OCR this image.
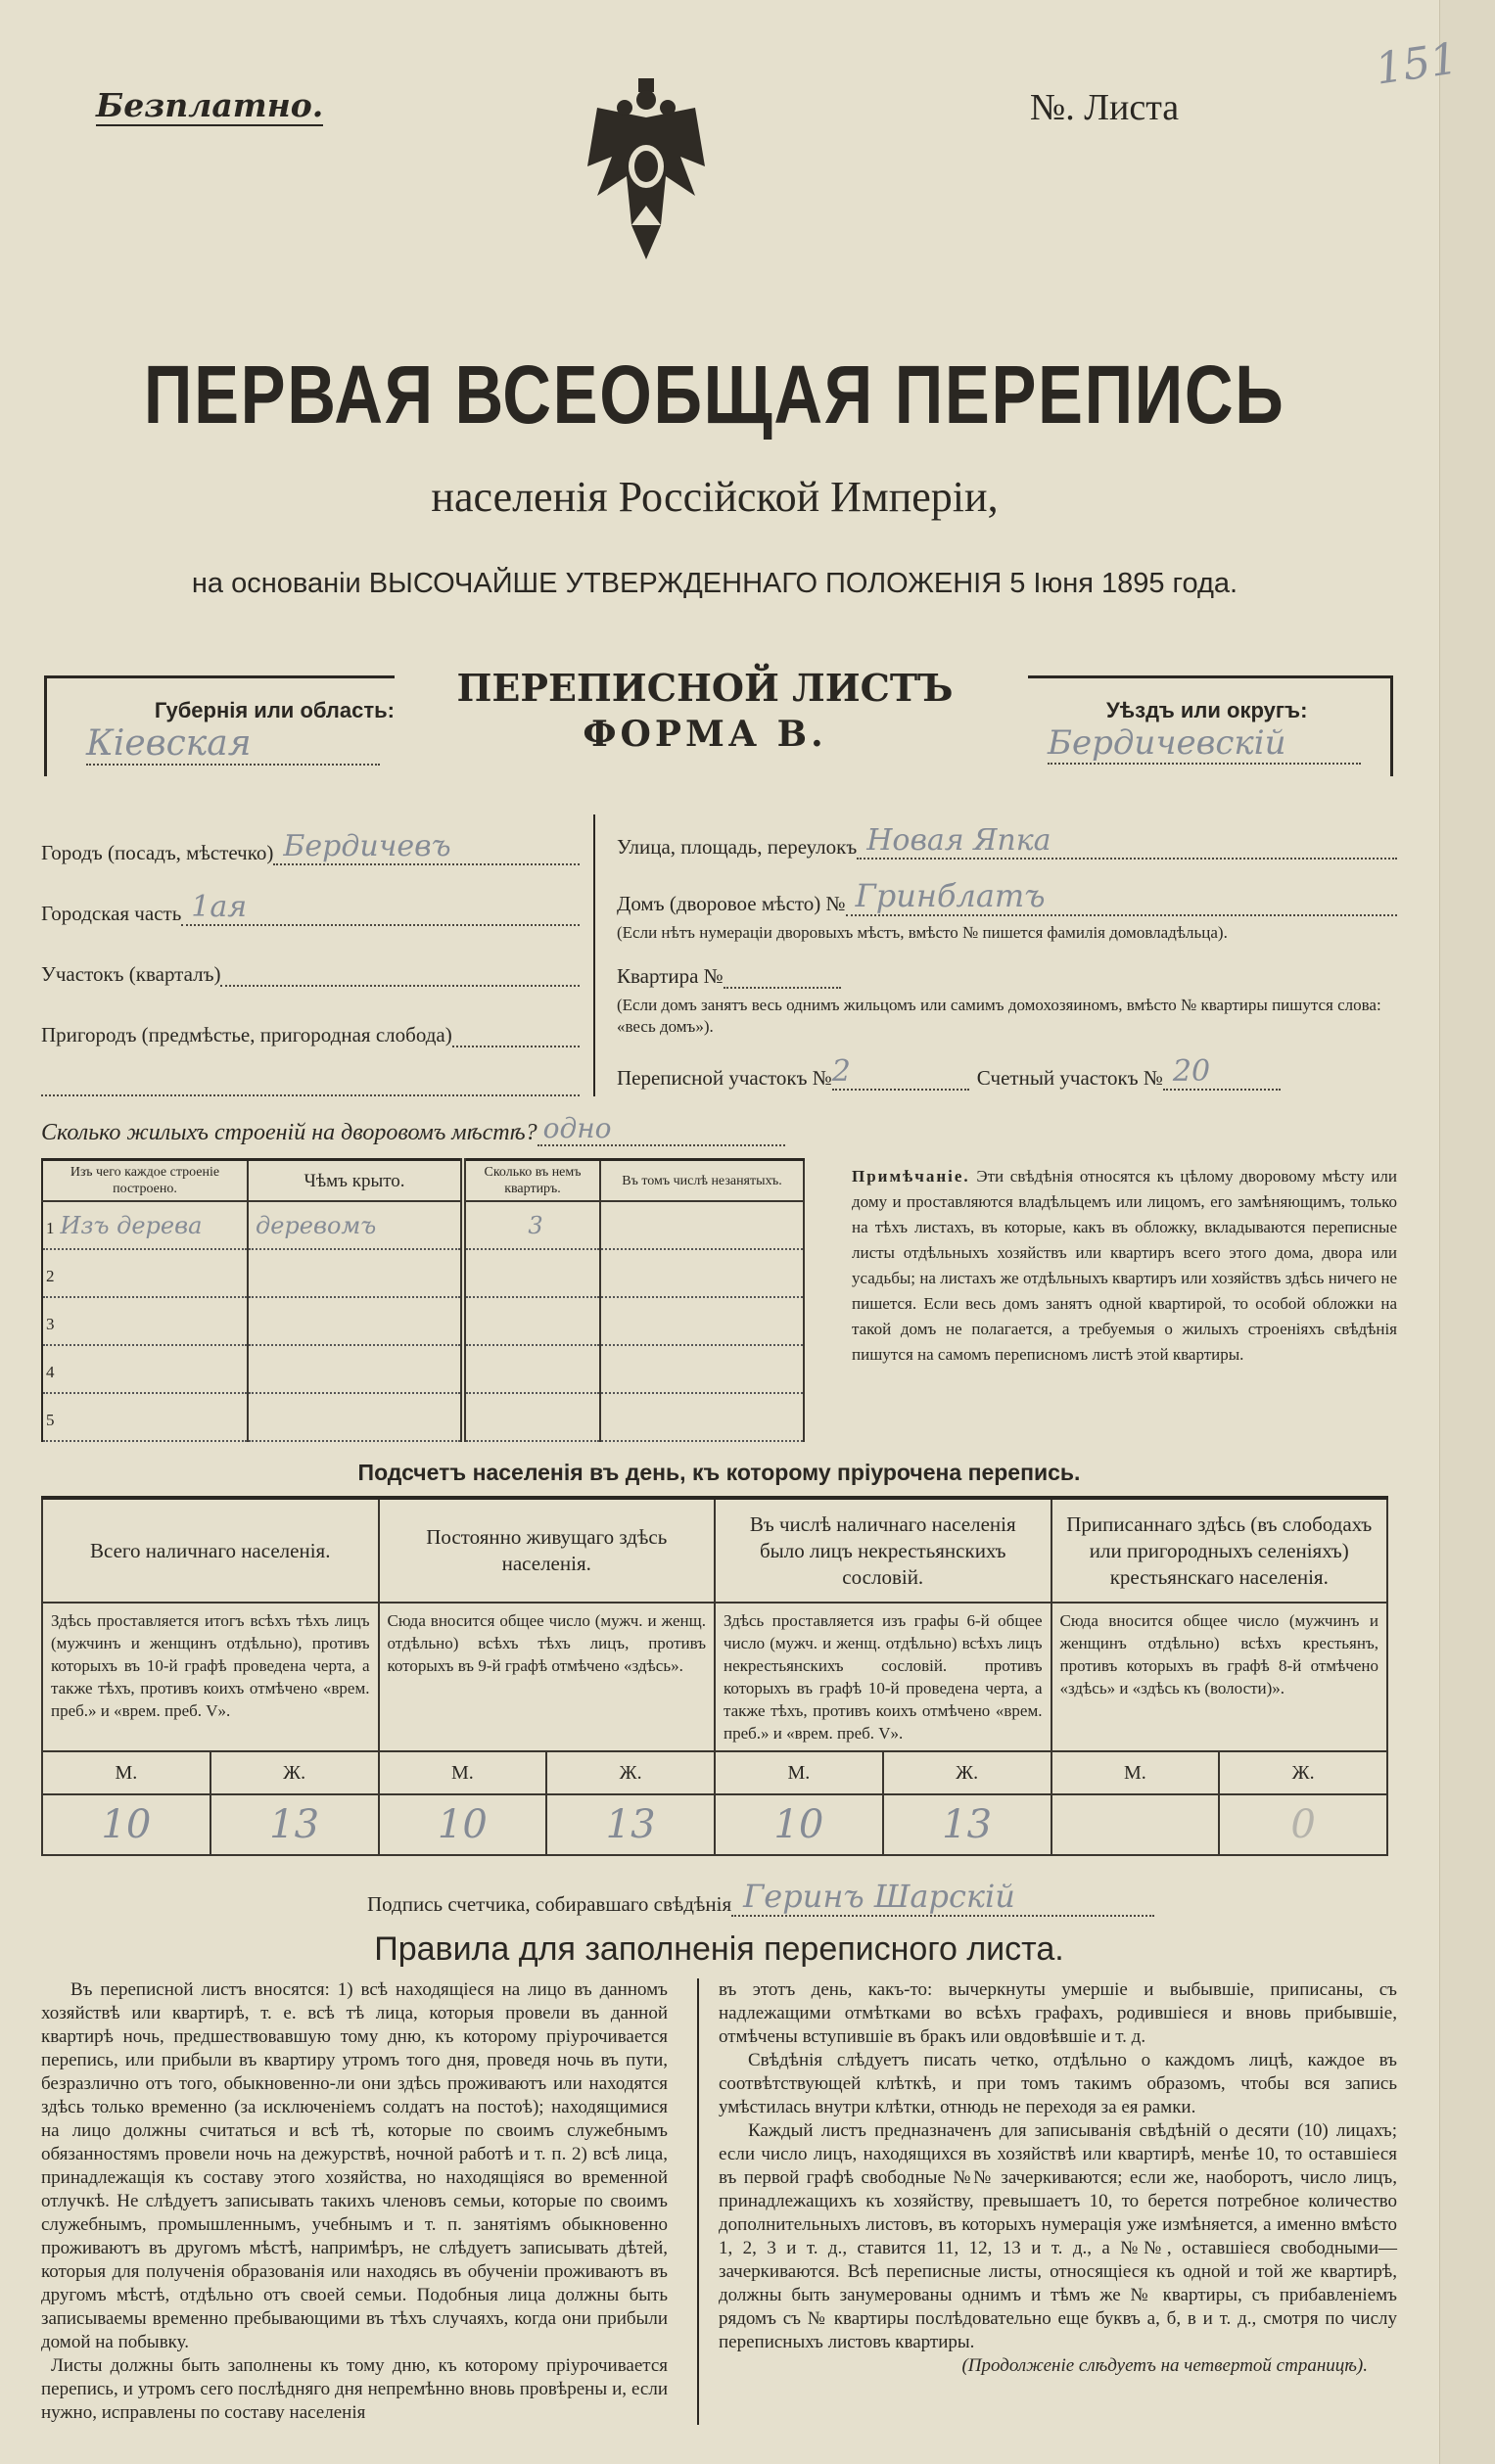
Безплатно.	№. Листа
151
ПЕРВАЯ ВСЕОБЩАЯ ПЕРЕПИСЬ
населенія Россійской Имперіи,
на основаніи ВЫСОЧАЙШЕ УТВЕРЖДЕННАГО ПОЛОЖЕНІЯ 5 Іюня 1895 года.
Губернія или область:
Кіевская
ПЕРЕПИСНОЙ ЛИСТЪ
ФОРМА В.
Уѣздъ или округъ:
Бердичевскій
Городъ (посадъ, мѣстечко) Бердичевъ
Городская часть 1ая
Участокъ (кварталъ)
Пригородъ (предмѣстье, пригородная слобода)
Улица, площадь, переулокъ Новая Япка
Домъ (дворовое мѣсто) № Гринблатъ
(Если нѣтъ нумераціи дворовыхъ мѣстъ, вмѣсто № пишется фамилія домовладѣльца).
Квартира №
(Если домъ занятъ весь однимъ жильцомъ или самимъ домохозяиномъ, вмѣсто № квартиры пишутся слова: «весь домъ»).
Переписной участокъ № 2	Счетный участокъ № 20
Сколько жилыхъ строеній на дворовомъ мѣстѣ? одно
Изъ чего каждое строеніе построено.	Чѣмъ крыто.	Сколько въ немъ квартиръ.	Въ томъ числѣ незанятыхъ.
1 Изъ дерева	деревомъ	3	
2			
3			
4			
5			
Примѣчаніе. Эти свѣдѣнія относятся къ цѣлому дворовому мѣсту или дому и проставляются владѣльцемъ или лицомъ, его замѣняющимъ, только на тѣхъ листахъ, въ которые, какъ въ обложку, вкладываются переписные листы отдѣльныхъ хозяйствъ или квартиръ всего этого дома, двора или усадьбы; на листахъ же отдѣльныхъ квартиръ или хозяйствъ здѣсь ничего не пишется. Если весь домъ занятъ одной квартирой, то особой обложки на такой домъ не полагается, а требуемыя о жилыхъ строеніяхъ свѣдѣнія пишутся на самомъ переписномъ листѣ этой квартиры.
Подсчетъ населенія въ день, къ которому пріурочена перепись.
Всего наличнаго населенія.		Постоянно живущаго здѣсь населенія.		Въ числѣ наличнаго населенія было лицъ некрестьянскихъ сословій.		Приписаннаго здѣсь (въ слободахъ или пригородныхъ селеніяхъ) крестьянскаго населенія.	
Здѣсь проставляется итогъ всѣхъ тѣхъ лицъ (мужчинъ и женщинъ отдѣльно), противъ которыхъ въ 10-й графѣ проведена черта, а также тѣхъ, противъ коихъ отмѣчено «врем. преб.» и «врем. преб. V».		Сюда вносится общее число (мужч. и женщ. отдѣльно) всѣхъ тѣхъ лицъ, противъ которыхъ въ 9-й графѣ отмѣчено «здѣсь».		Здѣсь проставляется изъ графы 6-й общее число (мужч. и женщ. отдѣльно) всѣхъ лицъ некрестьянскихъ сословій. противъ которыхъ въ графѣ 10-й проведена черта, а также тѣхъ, противъ коихъ отмѣчено «врем. преб.» и «врем. преб. V».		Сюда вносится общее число (мужчинъ и женщинъ отдѣльно) всѣхъ крестьянъ, противъ которыхъ въ графѣ 8-й отмѣчено «здѣсь» и «здѣсь къ (волости)».	
М.	Ж.	М.	Ж.	М.	Ж.	М.	Ж.
10	13	10	13	10	13		0
Подпись счетчика, собиравшаго свѣдѣнія Геринъ Шарскій
Правила для заполненія переписного листа.

Въ переписной листъ вносятся: 1) всѣ находящіеся на лицо въ данномъ хозяйствѣ или квартирѣ, т. е. всѣ тѣ лица, которыя провели въ данной квартирѣ ночь, предшествовавшую тому дню, къ которому пріурочивается перепись, или прибыли въ квартиру утромъ того дня, проведя ночь въ пути, безразлично отъ того, обыкновенно-ли они здѣсь проживаютъ или находятся здѣсь только временно (за исключеніемъ солдатъ на постоѣ); находящимися на лицо должны считаться и всѣ тѣ, которые по своимъ служебнымъ обязанностямъ провели ночь на дежурствѣ, ночной работѣ и т. п. 2) всѣ лица, принадлежащія къ составу этого хозяйства, но находящіяся во временной отлучкѣ. Не слѣдуетъ записывать такихъ членовъ семьи, которые по своимъ служебнымъ, промышленнымъ, учебнымъ и т. п. занятіямъ обыкновенно проживаютъ въ другомъ мѣстѣ, напримѣръ, не слѣдуетъ записывать дѣтей, которыя для полученія образованія или находясь въ обученіи проживаютъ въ другомъ мѣстѣ, отдѣльно отъ своей семьи. Подобныя лица должны быть записываемы временно пребывающими въ тѣхъ случаяхъ, когда они прибыли домой на побывку.

Листы должны быть заполнены къ тому дню, къ которому пріурочивается перепись, и утромъ сего послѣдняго дня непремѣнно вновь провѣрены и, если нужно, исправлены по составу населенія

въ этотъ день, какъ-то: вычеркнуты умершіе и выбывшіе, приписаны, съ надлежащими отмѣтками во всѣхъ графахъ, родившіеся и вновь прибывшіе, отмѣчены вступившіе въ бракъ или овдовѣвшіе и т. д.

Свѣдѣнія слѣдуетъ писать четко, отдѣльно о каждомъ лицѣ, каждое въ соотвѣтствующей клѣткѣ, и при томъ такимъ образомъ, чтобы вся запись умѣстилась внутри клѣтки, отнюдь не переходя за ея рамки.

Каждый листъ предназначенъ для записыванія свѣдѣній о десяти (10) лицахъ; если число лицъ, находящихся въ хозяйствѣ или квартирѣ, менѣе 10, то оставшіеся въ первой графѣ свободные №№ зачеркиваются; если же, наоборотъ, число лицъ, принадлежащихъ къ хозяйству, превышаетъ 10, то берется потребное количество дополнительныхъ листовъ, въ которыхъ нумерація уже измѣняется, а именно вмѣсто 1, 2, 3 и т. д., ставится 11, 12, 13 и т. д., а №№, оставшіеся свободными—зачеркиваются. Всѣ переписные листы, относящіеся къ одной и той же квартирѣ, должны быть занумерованы однимъ и тѣмъ же № квартиры, съ прибавленіемъ рядомъ съ № квартиры послѣдовательно еще буквъ а, б, в и т. д., смотря по числу переписныхъ листовъ квартиры.

(Продолженіе слѣдуетъ на четвертой страницѣ).
